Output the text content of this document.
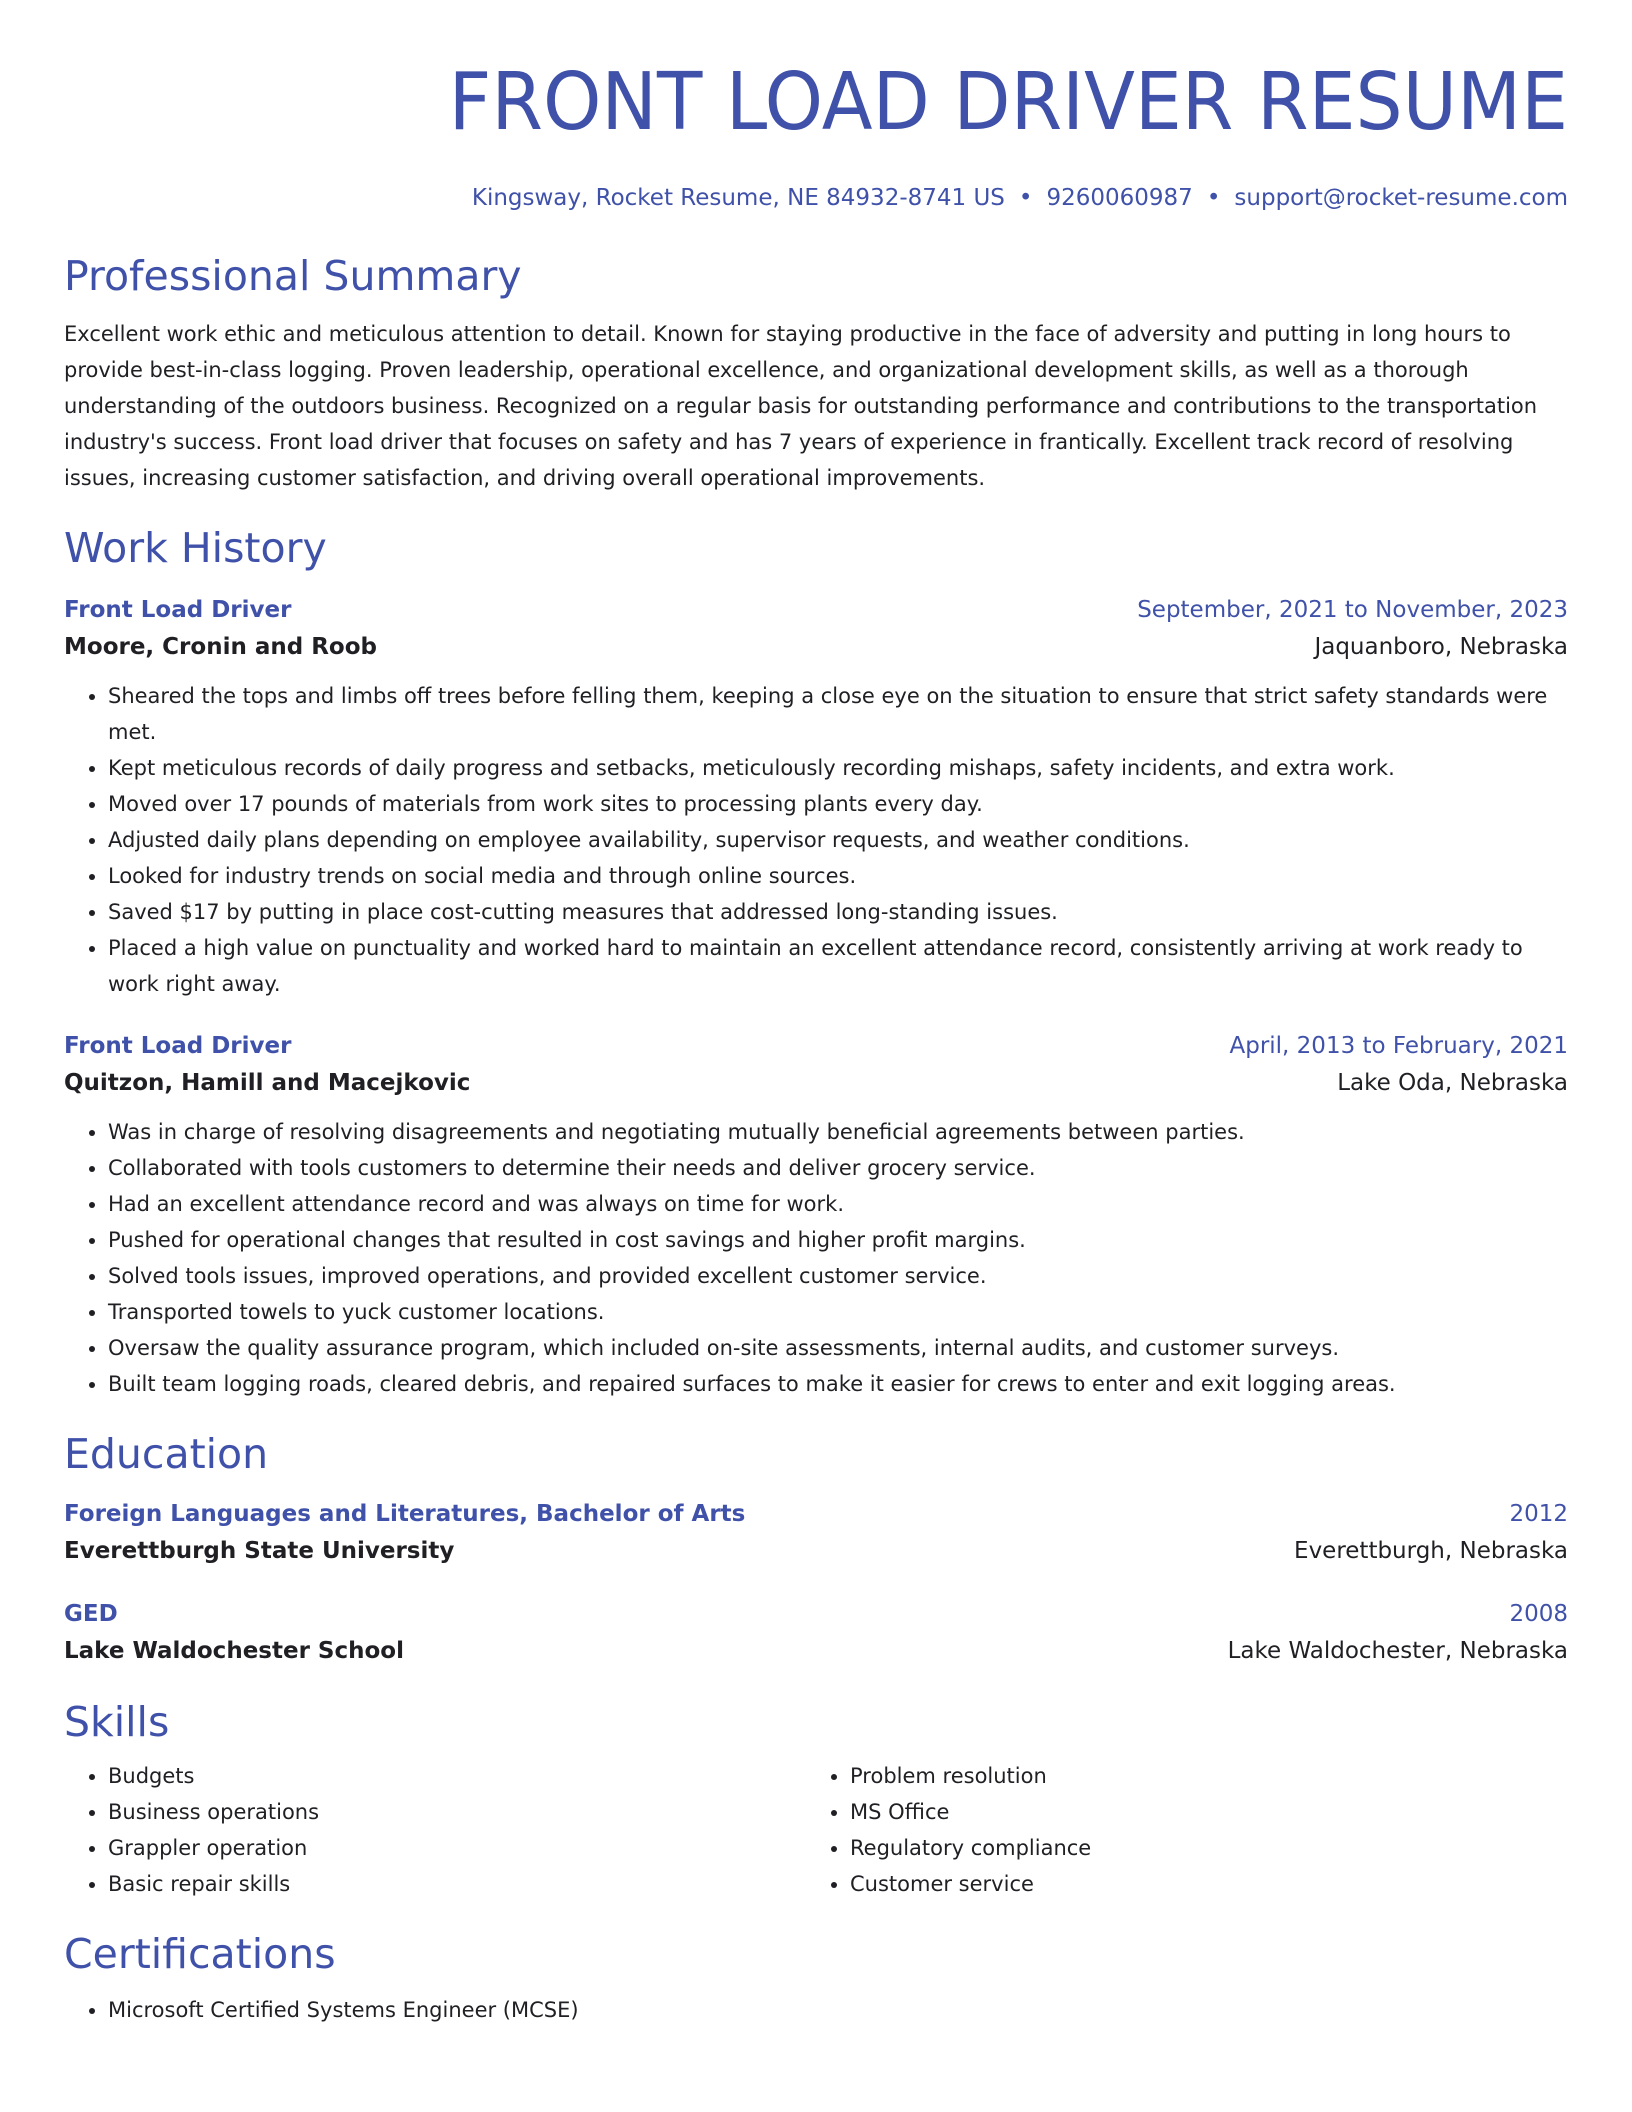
FRONT LOAD DRIVER RESUME
Kingsway, Rocket Resume, NE 84932-8741 US • 9260060987 • support@rocket-resume.com
Professional Summary
Excellent work ethic and meticulous attention to detail. Known for staying productive in the face of adversity and putting in long hours to provide best-in-class logging. Proven leadership, operational excellence, and organizational development skills, as well as a thorough understanding of the outdoors business. Recognized on a regular basis for outstanding performance and contributions to the transportation industry's success. Front load driver that focuses on safety and has 7 years of experience in frantically. Excellent track record of resolving issues, increasing customer satisfaction, and driving overall operational improvements.
Work History
Front Load Driver	September, 2021 to November, 2023
Moore, Cronin and Roob	Jaquanboro, Nebraska
• Sheared the tops and limbs off trees before felling them, keeping a close eye on the situation to ensure that strict safety standards were met.
• Kept meticulous records of daily progress and setbacks, meticulously recording mishaps, safety incidents, and extra work.
• Moved over 17 pounds of materials from work sites to processing plants every day.
• Adjusted daily plans depending on employee availability, supervisor requests, and weather conditions.
• Looked for industry trends on social media and through online sources.
• Saved $17 by putting in place cost-cutting measures that addressed long-standing issues.
• Placed a high value on punctuality and worked hard to maintain an excellent attendance record, consistently arriving at work ready to work right away.
Front Load Driver	April, 2013 to February, 2021
Quitzon, Hamill and Macejkovic	Lake Oda, Nebraska
• Was in charge of resolving disagreements and negotiating mutually beneficial agreements between parties.
• Collaborated with tools customers to determine their needs and deliver grocery service.
• Had an excellent attendance record and was always on time for work.
• Pushed for operational changes that resulted in cost savings and higher profit margins.
• Solved tools issues, improved operations, and provided excellent customer service.
• Transported towels to yuck customer locations.
• Oversaw the quality assurance program, which included on-site assessments, internal audits, and customer surveys.
• Built team logging roads, cleared debris, and repaired surfaces to make it easier for crews to enter and exit logging areas.
Education
Foreign Languages and Literatures, Bachelor of Arts	2012
Everettburgh State University	Everettburgh, Nebraska
GED	2008
Lake Waldochester School	Lake Waldochester, Nebraska
Skills
• Budgets
• Business operations
• Grappler operation
• Basic repair skills
• Problem resolution
• MS Office
• Regulatory compliance
• Customer service
Certifications
• Microsoft Certified Systems Engineer (MCSE)
